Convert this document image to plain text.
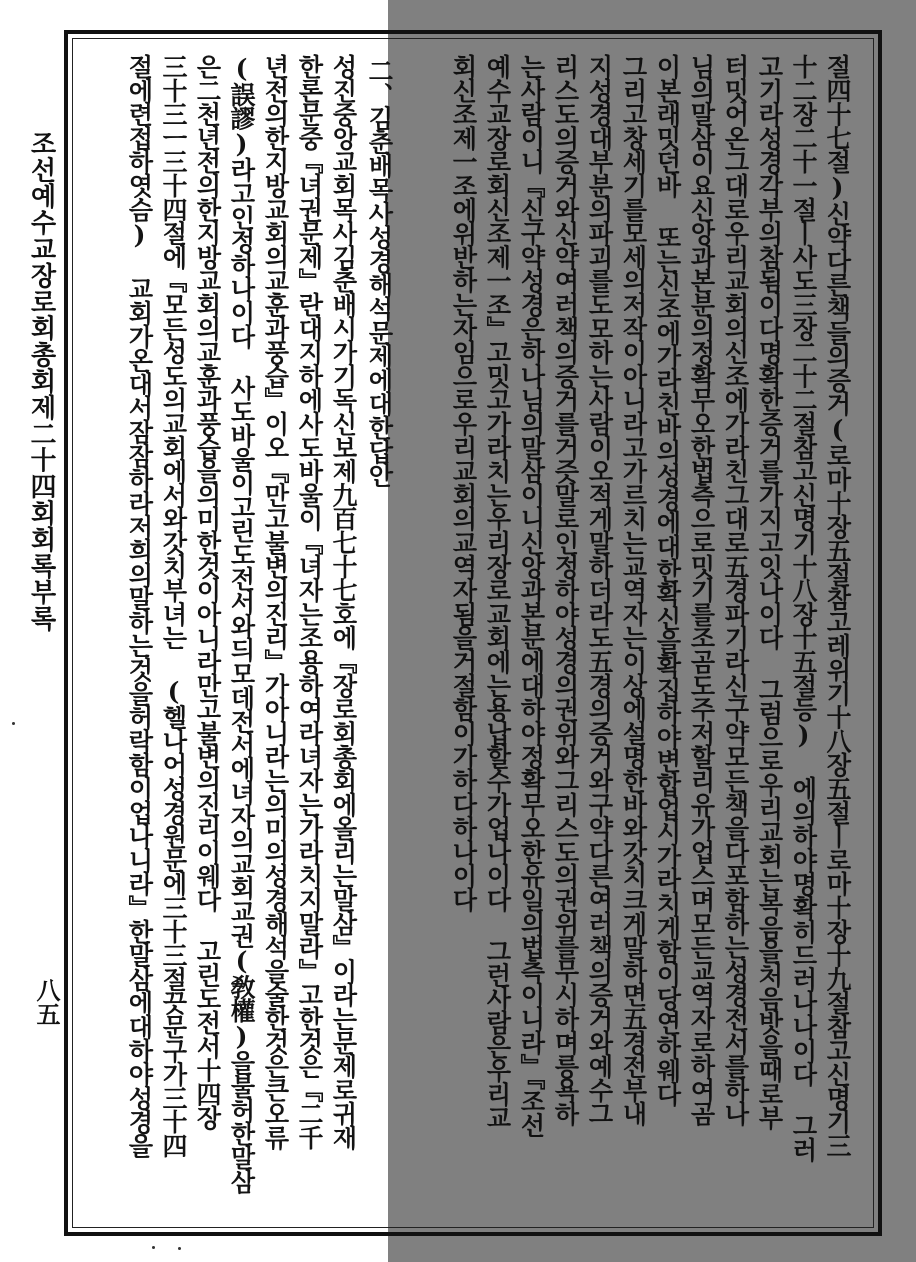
절四十七절)신약다른책들의증거(로마十장五절참고레위기十八장五절ㅣ로마十장十九절참고신명기三
十二장二十一절ㅣ사도三장二十二절참고신명기十八장十五절등) 에의하야명확히드러나나이다 그러
고기라성경각부의참됨이다명확한증거를가지고잇나이다 그럼으로우리교회는복음을처음밧을때로부
터밋어온그대로우리교회의신조에가라친그대로五경파기라신구약모든책을다포함하는성경전서를하나
님의말삼이요신앙과본분의정확무오한법측으로밋기를조곰도주저할리유가업스며모든교역자로하여곰
이본래밋던바 또는신조에가라친바의성경에대한확신을확집하야변합업시가라치게함이당연하웨다
그리고창세기를모세의저작이아니라고가르치는교역자는이상에설명한바와갓치크게말하면五경전부내
지성경대부분의파괴를도모하는사람이오적게말하더라도五경의증거와구약다른여러책의증거와예수그
리스도의증거와신약여러책의증거를거즛말로인정하야성경의권위와그리스도의권위를무시하며릉욕하
는사람이니『신구약성경은하나님의말삼이니신앙과본분에대하야정확무오한유일의법측이니라』『조선
예수교장로회신조제一조』고밋고가라치는우리장로교회에는용납할수가업나이다 그런사람은우리교
회신조제一조에위반하는자임으로우리교회의교역자됨을거절함이가하다하나이다
二、김춘배목사성경해석문제에대한답안
성진중앙교회목사김춘배시가기독신보제九百七十七호에『장로회총회에올리는말삼』이라는문제로귀재
한론문중『녀권문제』란대지하에사도바울이『녀자는조용하여라녀자는가라치지말라』고한것은『二千
년전의한지방교회의교훈과풍습』이오『만고불변의진리』가아니라는의미의성경해석을술한것은큰오류
(誤謬)라고인정하나이다 사도바울이고린도전서와듸모데전서에녀자의교회교권(敎權)을불허한말삼
은二천년전의한지방교회의교훈과풍습을의미한것이아니라만고불변의진리이웨다 고린도전서十四장
三十三ㅡ三十四절에『모든성도의교회에서와갓치부녀는 (헬나어성경원문에三十三절끗문구가三十四
절에련접하엿슴) 교회가온대서잠잠하라저희의말하는것을허락함이업나니라』한말삼에대하야성경을
조선예수교장로회총회제二十四회회록부록
八五
